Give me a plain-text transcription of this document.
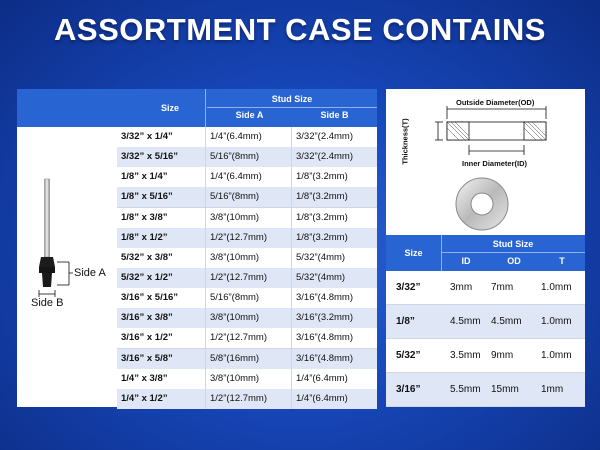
ASSORTMENT CASE CONTAINS
Size
Stud Size
Side A	Side B
Side A
Side B
3/32” x 1/4”	1/4”(6.4mm)	3/32”(2.4mm)
3/32” x 5/16”	5/16”(8mm)	3/32”(2.4mm)
1/8” x 1/4”	1/4”(6.4mm)	1/8”(3.2mm)
1/8” x 5/16”	5/16”(8mm)	1/8”(3.2mm)
1/8” x 3/8”	3/8”(10mm)	1/8”(3.2mm)
1/8” x 1/2”	1/2”(12.7mm)	1/8”(3.2mm)
5/32” x 3/8”	3/8”(10mm)	5/32”(4mm)
5/32” x 1/2”	1/2”(12.7mm)	5/32”(4mm)
3/16” x 5/16”	5/16”(8mm)	3/16”(4.8mm)
3/16” x 3/8”	3/8”(10mm)	3/16”(3.2mm)
3/16” x 1/2”	1/2”(12.7mm)	3/16”(4.8mm)
3/16” x 5/8”	5/8”(16mm)	3/16”(4.8mm)
1/4” x 3/8”	3/8”(10mm)	1/4”(6.4mm)
1/4” x 1/2”	1/2”(12.7mm)	1/4”(6.4mm)
Outside Diameter(OD)
Thickness(T)	Inner Diameter(ID)
Size
Stud Size
ID	OD	T
3/32”	3mm 7mm	1.0mm
1/8”	4.5mm 4.5mm 1.0mm
5/32”	3.5mm 9mm	1.0mm
3/16”	5.5mm 15mm 1mm
